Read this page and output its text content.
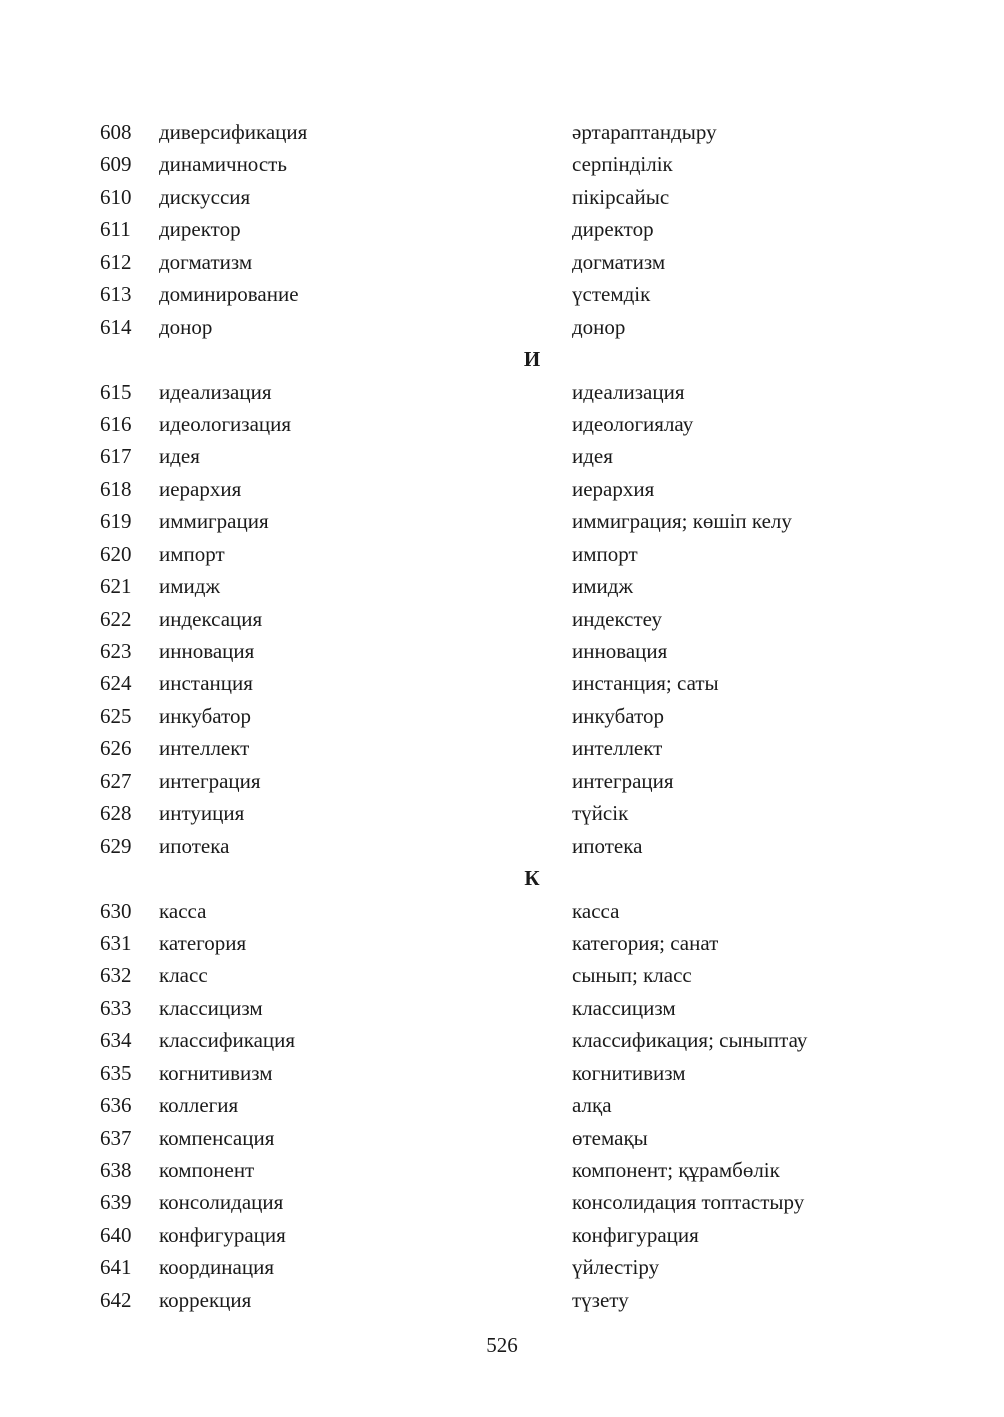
608 диверсификация	әртараптандыру
609 динамичность	серпінділік
610 дискуссия	пікірсайыс
611 директор	директор
612 догматизм	догматизм
613 доминирование	үстемдік
614 донор	донор
И
615 идеализация	идеализация
616 идеологизация	идеологиялау
617 идея	идея
618 иерархия	иерархия
619 иммиграция	иммиграция; көшіп келу
620 импорт	импорт
621 имидж	имидж
622 индексация	индекстеу
623 инновация	инновация
624 инстанция	инстанция; саты
625 инкубатор	инкубатор
626 интеллект	интеллект
627 интеграция	интеграция
628 интуиция	түйсік
629 ипотека	ипотека
К
630 касса	касса
631 категория	категория; санат
632 класс	сынып; класс
633 классицизм	классицизм
634 классификация	классификация; сыныптау
635 когнитивизм	когнитивизм
636 коллегия	алқа
637 компенсация	өтемақы
638 компонент	компонент; құрамбөлік
639 консолидация	консолидация топтастыру
640 конфигурация	конфигурация
641 координация	үйлестіру
642 коррекция	түзету
526
